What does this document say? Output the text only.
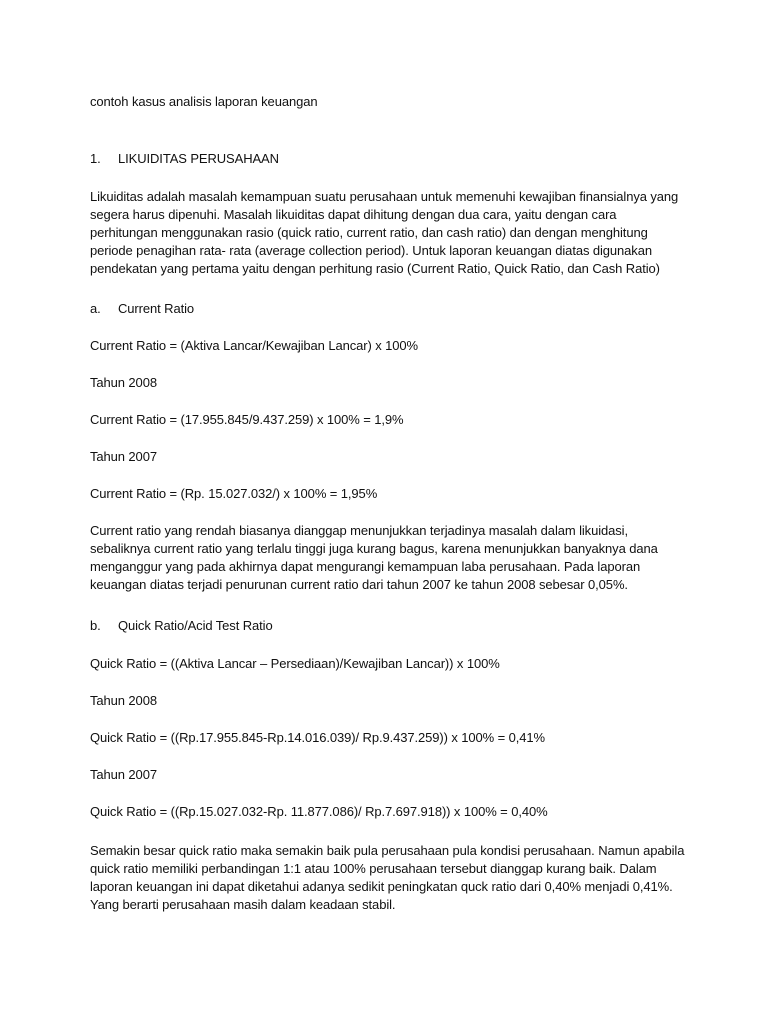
contoh kasus analisis laporan keuangan
1. LIKUIDITAS PERUSAHAAN
Likuiditas adalah masalah kemampuan suatu perusahaan untuk memenuhi kewajiban finansialnya yang
segera harus dipenuhi. Masalah likuiditas dapat dihitung dengan dua cara, yaitu dengan cara
perhitungan menggunakan rasio (quick ratio, current ratio, dan cash ratio) dan dengan menghitung
periode penagihan rata- rata (average collection period). Untuk laporan keuangan diatas digunakan
pendekatan yang pertama yaitu dengan perhitung rasio (Current Ratio, Quick Ratio, dan Cash Ratio)
a. Current Ratio
Current Ratio = (Aktiva Lancar/Kewajiban Lancar) x 100%
Tahun 2008
Current Ratio = (17.955.845/9.437.259) x 100% = 1,9%
Tahun 2007
Current Ratio = (Rp. 15.027.032/) x 100% = 1,95%
Current ratio yang rendah biasanya dianggap menunjukkan terjadinya masalah dalam likuidasi,
sebaliknya current ratio yang terlalu tinggi juga kurang bagus, karena menunjukkan banyaknya dana
menganggur yang pada akhirnya dapat mengurangi kemampuan laba perusahaan. Pada laporan
keuangan diatas terjadi penurunan current ratio dari tahun 2007 ke tahun 2008 sebesar 0,05%.
b. Quick Ratio/Acid Test Ratio
Quick Ratio = ((Aktiva Lancar – Persediaan)/Kewajiban Lancar)) x 100%
Tahun 2008
Quick Ratio = ((Rp.17.955.845-Rp.14.016.039)/ Rp.9.437.259)) x 100% = 0,41%
Tahun 2007
Quick Ratio = ((Rp.15.027.032-Rp. 11.877.086)/ Rp.7.697.918)) x 100% = 0,40%
Semakin besar quick ratio maka semakin baik pula perusahaan pula kondisi perusahaan. Namun apabila
quick ratio memiliki perbandingan 1:1 atau 100% perusahaan tersebut dianggap kurang baik. Dalam
laporan keuangan ini dapat diketahui adanya sedikit peningkatan quck ratio dari 0,40% menjadi 0,41%.
Yang berarti perusahaan masih dalam keadaan stabil.
